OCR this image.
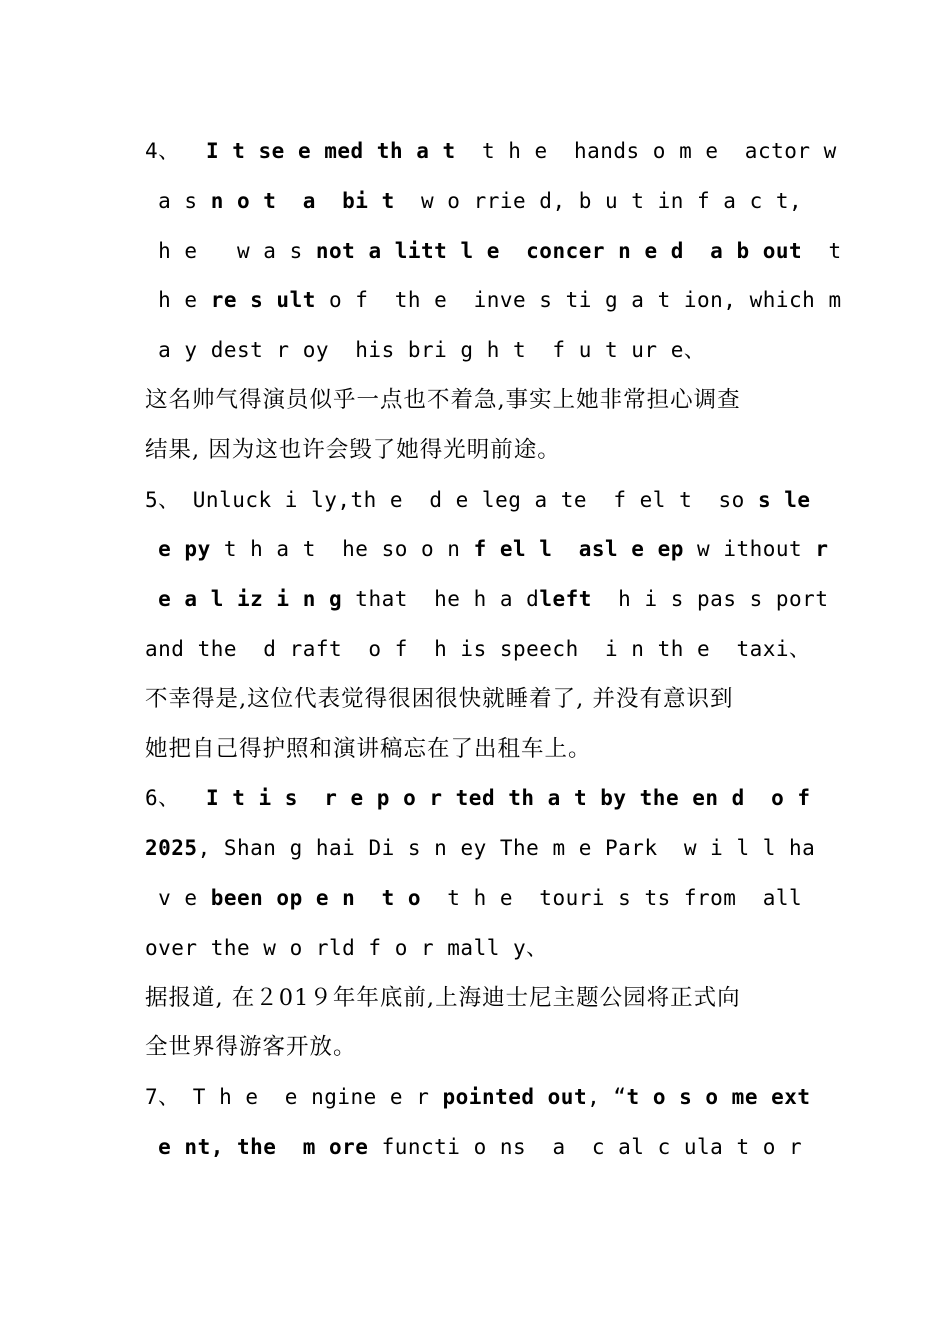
4、  I t se e med th a t  t h e  hands o m e  actor w
a s n o t  a  bi t  w o rrie d, b u t in f a c t,
h e   w a s not a litt l e  concer n e d  a b out  t
h e re s ult o f  th e  inve s ti g a t ion, which m
a y dest r oy  his bri g h t  f u t ur e、
这名帅气得演员似乎一点也不着急,事实上她非常担心调查
结果, 因为这也许会毁了她得光明前途。
5、 Unluck i ly,th e  d e leg a te  f el t  so s le
e py t h a t  he so o n f el l  asl e ep w ithout r
e a l iz i n g that  he h a dleft  h i s pas s port
and the  d raft  o f  h is speech  i n th e  taxi、
不幸得是,这位代表觉得很困很快就睡着了, 并没有意识到
她把自己得护照和演讲稿忘在了出租车上。
6、  I t i s  r e p o r ted th a t by the en d  o f
2025, Shan g hai Di s n ey The m e Park  w i l l ha
v e been op e n  t o  t h e  touri s ts from  all
over the w o rld f o r mall y、
据报道, 在２01９年年底前,上海迪士尼主题公园将正式向
全世界得游客开放。
7、 T h e  e ngine e r pointed out, “t o s o me ext
e nt, the  m ore functi o ns  a  c al c ula t o r
